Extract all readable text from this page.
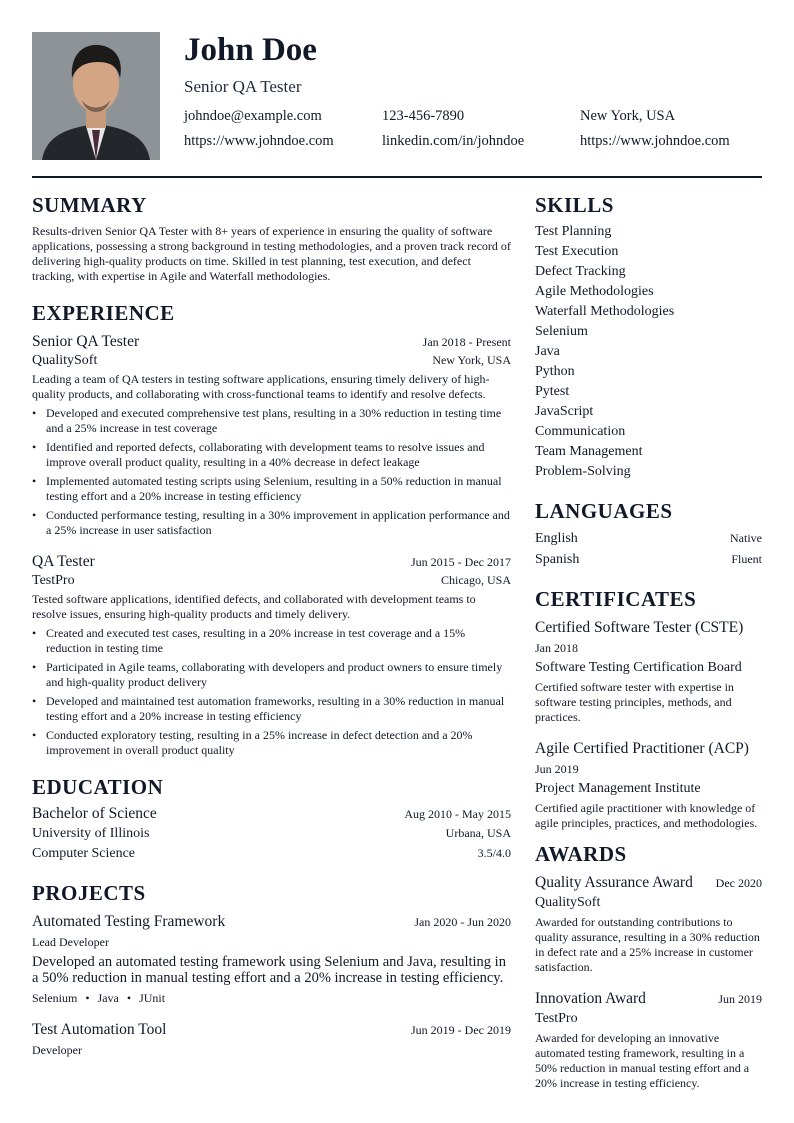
John Doe
Senior QA Tester
johndoe@example.com	123-456-7890	New York, USA
https://www.johndoe.com	linkedin.com/in/johndoe	https://www.johndoe.com
SUMMARY

Results-driven Senior QA Tester with 8+ years of experience in ensuring the quality of software applications, possessing a strong background in testing methodologies, and a proven track record of delivering high-quality products on time. Skilled in test planning, test execution, and defect tracking, with expertise in Agile and Waterfall methodologies.

EXPERIENCE
Senior QA Tester	Jan 2018 - Present
QualitySoft	New York, USA

Leading a team of QA testers in testing software applications, ensuring timely delivery of high-quality products, and collaborating with cross-functional teams to identify and resolve defects.

• Developed and executed comprehensive test plans, resulting in a 30% reduction in testing time and a 25% increase in test coverage
• Identified and reported defects, collaborating with development teams to resolve issues and improve overall product quality, resulting in a 40% decrease in defect leakage
• Implemented automated testing scripts using Selenium, resulting in a 50% reduction in manual testing effort and a 20% increase in testing efficiency
• Conducted performance testing, resulting in a 30% improvement in application performance and a 25% increase in user satisfaction
QA Tester	Jun 2015 - Dec 2017
TestPro	Chicago, USA

Tested software applications, identified defects, and collaborated with development teams to resolve issues, ensuring high-quality products and timely delivery.

• Created and executed test cases, resulting in a 20% increase in test coverage and a 15% reduction in testing time
• Participated in Agile teams, collaborating with developers and product owners to ensure timely and high-quality product delivery
• Developed and maintained test automation frameworks, resulting in a 30% reduction in manual testing effort and a 20% increase in testing efficiency
• Conducted exploratory testing, resulting in a 25% increase in defect detection and a 20% improvement in overall product quality
EDUCATION
Bachelor of Science	Aug 2010 - May 2015
University of Illinois	Urbana, USA
Computer Science	3.5/4.0
PROJECTS
Automated Testing Framework	Jan 2020 - Jun 2020
Lead Developer

Developed an automated testing framework using Selenium and Java, resulting in a 50% reduction in manual testing effort and a 20% increase in testing efficiency.

Selenium • Java • JUnit
Test Automation Tool	Jun 2019 - Dec 2019
Developer
SKILLS
Test Planning
Test Execution
Defect Tracking
Agile Methodologies
Waterfall Methodologies
Selenium
Java
Python
Pytest
JavaScript
Communication
Team Management
Problem-Solving
LANGUAGES
English	Native
Spanish	Fluent
CERTIFICATES
Certified Software Tester (CSTE)
Jan 2018
Software Testing Certification Board

Certified software tester with expertise in software testing principles, methods, and practices.

Agile Certified Practitioner (ACP)
Jun 2019
Project Management Institute

Certified agile practitioner with knowledge of agile principles, practices, and methodologies.

AWARDS
Quality Assurance Award Dec 2020
QualitySoft

Awarded for outstanding contributions to quality assurance, resulting in a 30% reduction in defect rate and a 25% increase in customer satisfaction.

Innovation Award	Jun 2019
TestPro

Awarded for developing an innovative automated testing framework, resulting in a 50% reduction in manual testing effort and a 20% increase in testing efficiency.
